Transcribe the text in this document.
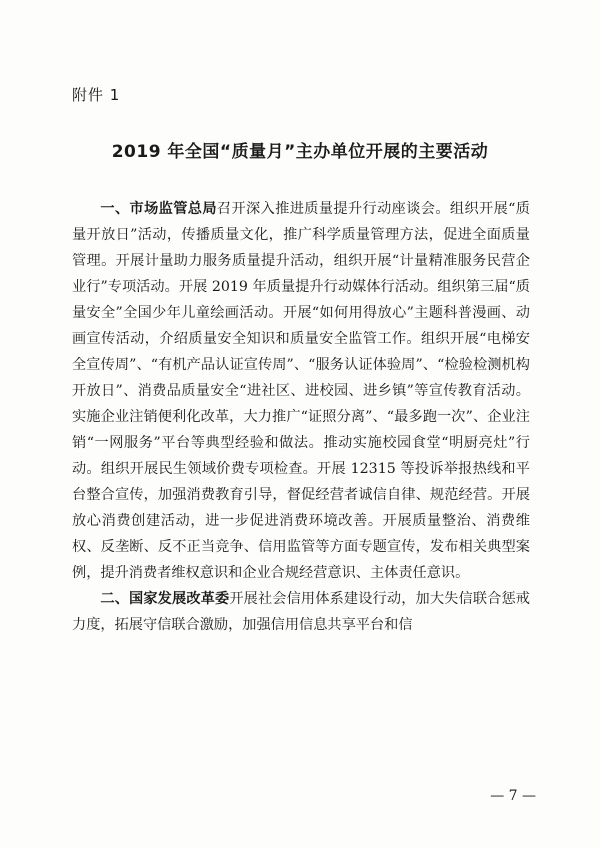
附件 1

2019 年全国“质量月”主办单位开展的主要活动

一、市场监管总局召开深入推进质量提升行动座谈会。组织开展“质量开放日”活动，传播质量文化，推广科学质量管理方法，促进全面质量管理。开展计量助力服务质量提升活动，组织开展“计量精准服务民营企业行”专项活动。开展 2019 年质量提升行动媒体行活动。组织第三届“质量安全”全国少年儿童绘画活动。开展“如何用得放心”主题科普漫画、动画宣传活动，介绍质量安全知识和质量安全监管工作。组织开展“电梯安全宣传周”、“有机产品认证宣传周”、“服务认证体验周”、“检验检测机构开放日”、消费品质量安全“进社区、进校园、进乡镇”等宣传教育活动。实施企业注销便利化改革，大力推广“证照分离”、“最多跑一次”、企业注销“一网服务”平台等典型经验和做法。推动实施校园食堂“明厨亮灶”行动。组织开展民生领域价费专项检查。开展 12315 等投诉举报热线和平台整合宣传，加强消费教育引导，督促经营者诚信自律、规范经营。开展放心消费创建活动，进一步促进消费环境改善。开展质量整治、消费维权、反垄断、反不正当竞争、信用监管等方面专题宣传，发布相关典型案例，提升消费者维权意识和企业合规经营意识、主体责任意识。

二、国家发展改革委开展社会信用体系建设行动，加大失信联合惩戒力度，拓展守信联合激励，加强信用信息共享平台和信

— 7 —
